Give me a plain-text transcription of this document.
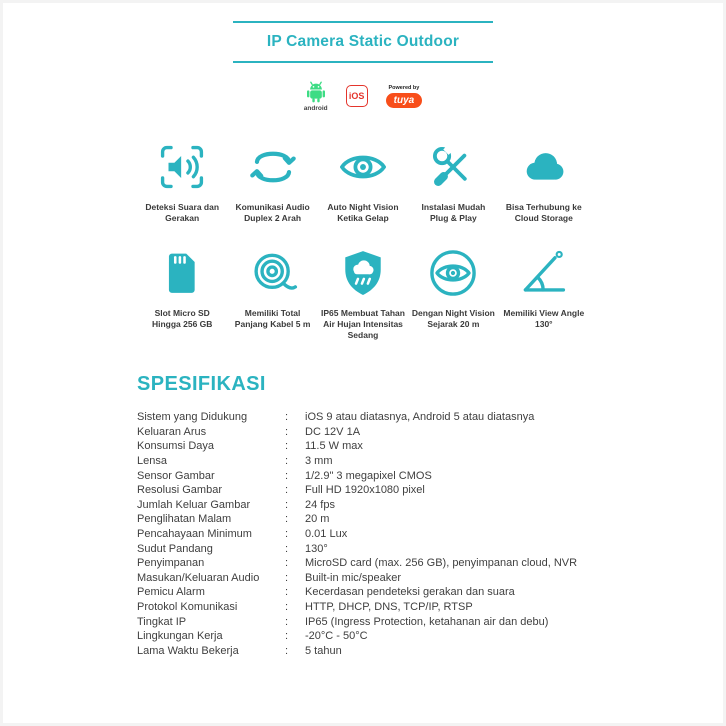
IP Camera Static Outdoor
android
iOS
Powered by
tuya
Deteksi Suara dan Gerakan
Komunikasi Audio Duplex 2 Arah
Auto Night Vision Ketika Gelap
Instalasi Mudah Plug & Play
Bisa Terhubung ke Cloud Storage
Slot Micro SD Hingga 256 GB
Memiliki Total Panjang Kabel 5 m
IP65 Membuat Tahan Air Hujan Intensitas Sedang
Dengan Night Vision Sejarak 20 m
Memiliki View Angle 130°
SPESIFIKASI
Sistem yang Didukung	:	iOS 9 atau diatasnya, Android 5 atau diatasnya
Keluaran Arus	:	DC 12V 1A
Konsumsi Daya	:	11.5 W max
Lensa	:	3 mm
Sensor Gambar	:	1/2.9" 3 megapixel CMOS
Resolusi Gambar	:	Full HD 1920x1080 pixel
Jumlah Keluar Gambar	:	24 fps
Penglihatan Malam	:	20 m
Pencahayaan Minimum	:	0.01 Lux
Sudut Pandang	:	130°
Penyimpanan	:	MicroSD card (max. 256 GB), penyimpanan cloud, NVR
Masukan/Keluaran Audio	:	Built-in mic/speaker
Pemicu Alarm	:	Kecerdasan pendeteksi gerakan dan suara
Protokol Komunikasi	:	HTTP, DHCP, DNS, TCP/IP, RTSP
Tingkat IP	:	IP65 (Ingress Protection, ketahanan air dan debu)
Lingkungan Kerja	:	-20°C - 50°C
Lama Waktu Bekerja	:	5 tahun
